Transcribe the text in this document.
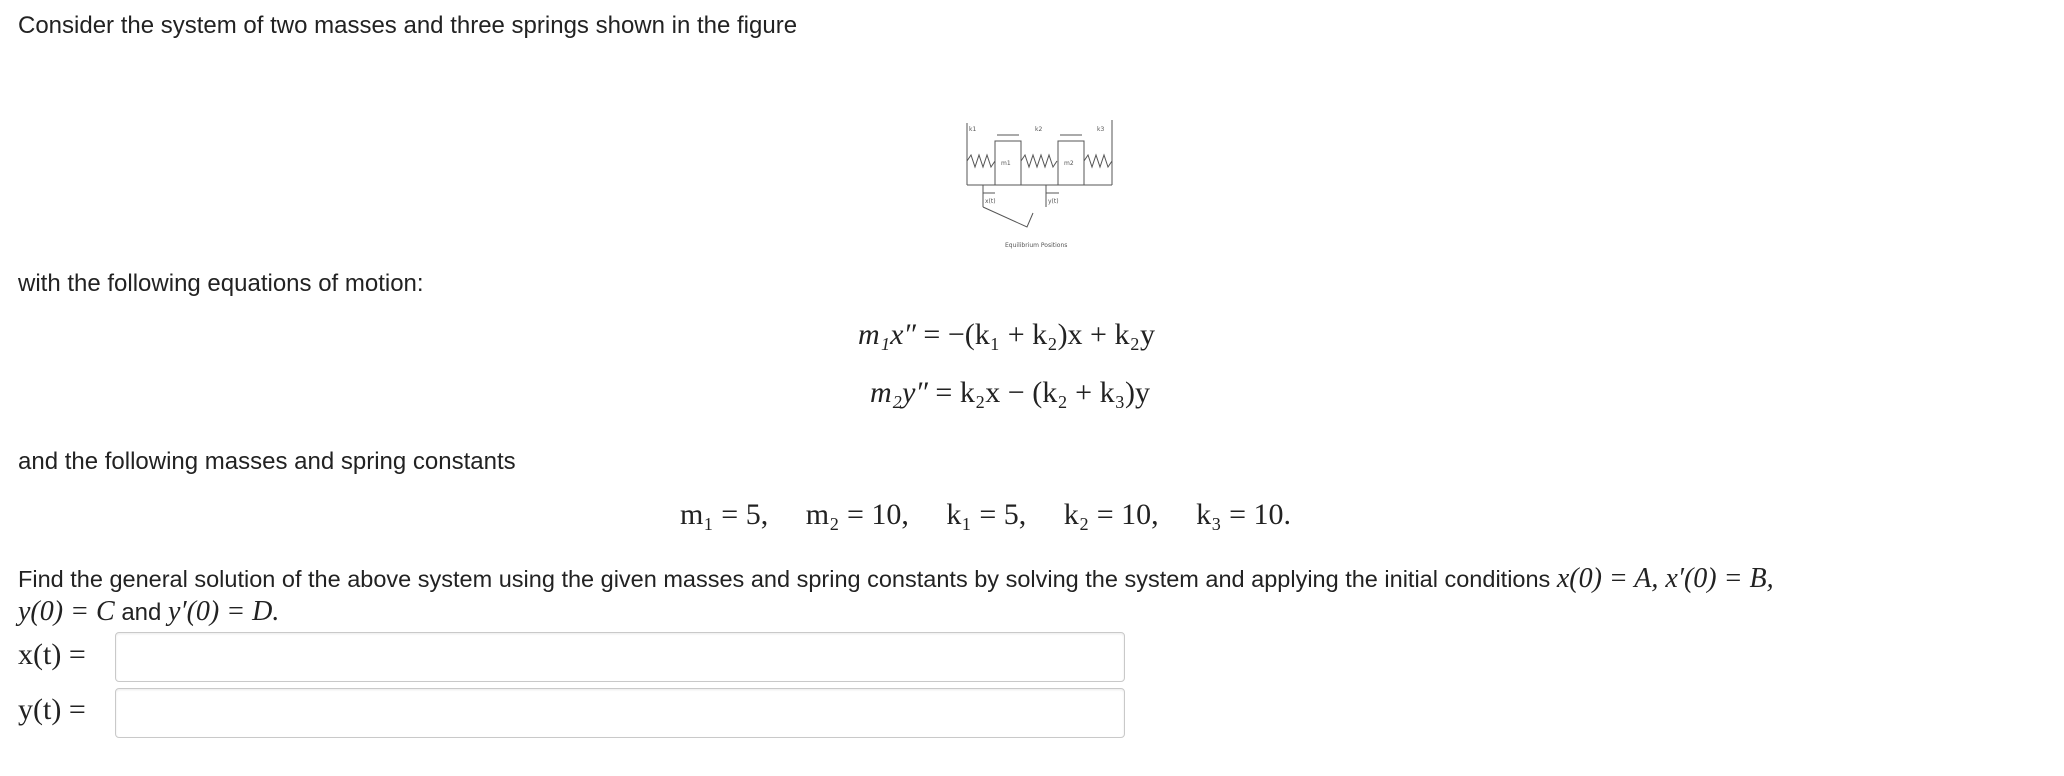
Consider the system of two masses and three springs shown in the figure
k1	k2	k3
m1	m2
x(t)	y(t)
Equilibrium Positions
with the following equations of motion:
m₁x″ = −(k₁ + k₂)x + k₂y
m₂y″ = k₂x − (k₂ + k₃)y
and the following masses and spring constants
m₁ = 5,     m₂ = 10,     k₁ = 5,     k₂ = 10,     k₃ = 10.
Find the general solution of the above system using the given masses and spring constants by solving the system and applying the initial conditions x(0) = A, x′(0) = B,
y(0) = C and y′(0) = D.
x(t) =
y(t) =
